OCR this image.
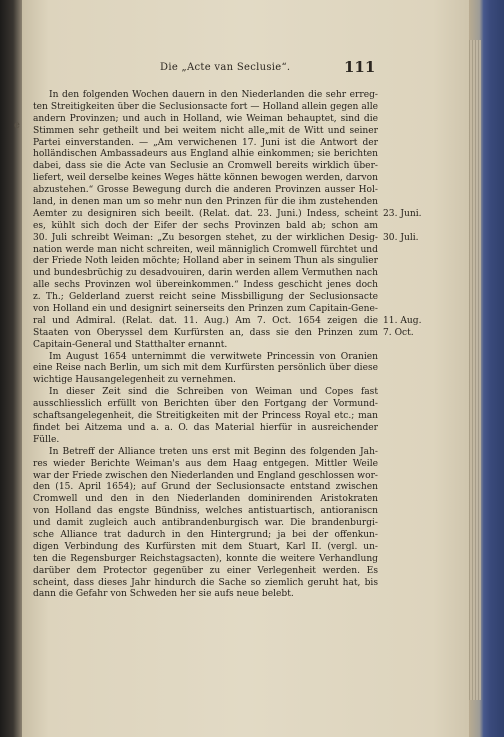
e
Die „Acte van Seclusie“.	111
In den folgenden Wochen dauern in den Niederlanden die sehr erreg-
ten Streitigkeiten über die Seclusionsacte fort — Holland allein gegen alle
andern Provinzen; und auch in Holland, wie Weiman behauptet, sind die
Stimmen sehr getheilt und bei weitem nicht alle„mit de Witt und seiner
Partei einverstanden. — „Am verwichenen 17. Juni ist die Antwort der
holländischen Ambassadeurs aus England alhie einkommen; sie berichten
dabei, dass sie die Acte van Seclusie an Cromwell bereits wirklich über-
liefert, weil derselbe keines Weges hätte können bewogen werden, darvon
abzustehen.“ Grosse Bewegung durch die anderen Provinzen ausser Hol-
land, in denen man um so mehr nun den Prinzen für die ihm zustehenden
Aemter zu designiren sich beeilt. (Relat. dat. 23. Juni.) Indess, scheint
es, kühlt sich doch der Eifer der sechs Provinzen bald ab; schon am
30. Juli schreibt Weiman: „Zu besorgen stehet, zu der wirklichen Desig-
nation werde man nicht schreiten, weil männiglich Cromwell fürchtet und
der Friede Noth leiden möchte; Holland aber in seinem Thun als singulier
und bundesbrüchig zu desadvouiren, darin werden allem Vermuthen nach
alle sechs Provinzen wol übereinkommen.“ Indess geschicht jenes doch
z. Th.; Gelderland zuerst reicht seine Missbilligung der Seclusionsacte
von Holland ein und designirt seinerseits den Prinzen zum Capitain-Gene-
ral und Admiral. (Relat. dat. 11. Aug.) Am 7. Oct. 1654 zeigen die
Staaten von Oberyssel dem Kurfürsten an, dass sie den Prinzen zum
Capitain-General und Statthalter ernannt.
Im August 1654 unternimmt die verwitwete Princessin von Oranien
eine Reise nach Berlin, um sich mit dem Kurfürsten persönlich über diese
wichtige Hausangelegenheit zu vernehmen.
In dieser Zeit sind die Schreiben von Weiman und Copes fast
ausschliesslich erfüllt von Berichten über den Fortgang der Vormund-
schaftsangelegenheit, die Streitigkeiten mit der Princess Royal etc.; man
findet bei Aitzema und a. a. O. das Material hierfür in ausreichender
Fülle.
In Betreff der Alliance treten uns erst mit Beginn des folgenden Jah-
res wieder Berichte Weiman's aus dem Haag entgegen. Mittler Weile
war der Friede zwischen den Niederlanden und England geschlossen wor-
den (15. April 1654); auf Grund der Seclusionsacte entstand zwischen
Cromwell und den in den Niederlanden dominirenden Aristokraten
von Holland das engste Bündniss, welches antistuartisch, antioraniscn
und damit zugleich auch antibrandenburgisch war. Die brandenburgi-
sche Alliance trat dadurch in den Hintergrund; ja bei der offenkun-
digen Verbindung des Kurfürsten mit dem Stuart, Karl II. (vergl. un-
ten die Regensburger Reichstagsacten), konnte die weitere Verhandlung
darüber dem Protector gegenüber zu einer Verlegenheit werden. Es
scheint, dass dieses Jahr hindurch die Sache so ziemlich geruht hat, bis
dann die Gefahr von Schweden her sie aufs neue belebt.
23. Juni.
30. Juli.
11. Aug.
7. Oct.
